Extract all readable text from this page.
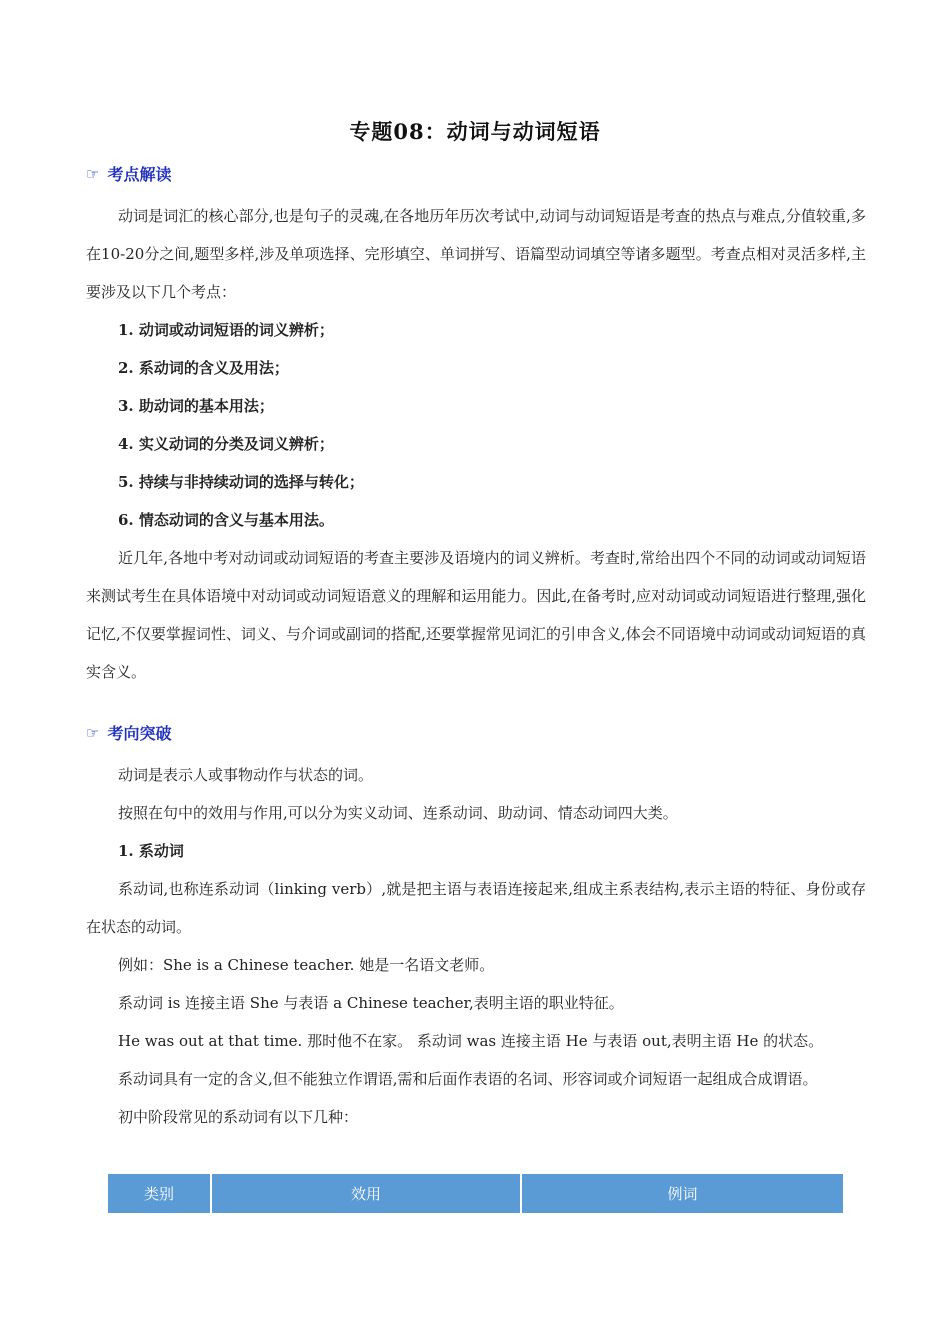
专题08：动词与动词短语
☞ 考点解读

动词是词汇的核心部分,也是句子的灵魂,在各地历年历次考试中,动词与动词短语是考查的热点与难点,分值较重,多在10-20分之间,题型多样,涉及单项选择、完形填空、单词拼写、语篇型动词填空等诸多题型。考查点相对灵活多样,主要涉及以下几个考点：

1. 动词或动词短语的词义辨析；

2. 系动词的含义及用法；

3. 助动词的基本用法；

4. 实义动词的分类及词义辨析；

5. 持续与非持续动词的选择与转化；

6. 情态动词的含义与基本用法。

近几年,各地中考对动词或动词短语的考查主要涉及语境内的词义辨析。考查时,常给出四个不同的动词或动词短语来测试考生在具体语境中对动词或动词短语意义的理解和运用能力。因此,在备考时,应对动词或动词短语进行整理,强化记忆,不仅要掌握词性、词义、与介词或副词的搭配,还要掌握常见词汇的引申含义,体会不同语境中动词或动词短语的真实含义。

☞ 考向突破

动词是表示人或事物动作与状态的词。

按照在句中的效用与作用,可以分为实义动词、连系动词、助动词、情态动词四大类。

1. 系动词

系动词,也称连系动词（linking verb）,就是把主语与表语连接起来,组成主系表结构,表示主语的特征、身份或存在状态的动词。

例如：She is a Chinese teacher. 她是一名语文老师。

系动词 is 连接主语 She 与表语 a Chinese teacher,表明主语的职业特征。

He was out at that time. 那时他不在家。 系动词 was 连接主语 He 与表语 out,表明主语 He 的状态。

系动词具有一定的含义,但不能独立作谓语,需和后面作表语的名词、形容词或介词短语一起组成合成谓语。

初中阶段常见的系动词有以下几种：

类别	效用	例词
